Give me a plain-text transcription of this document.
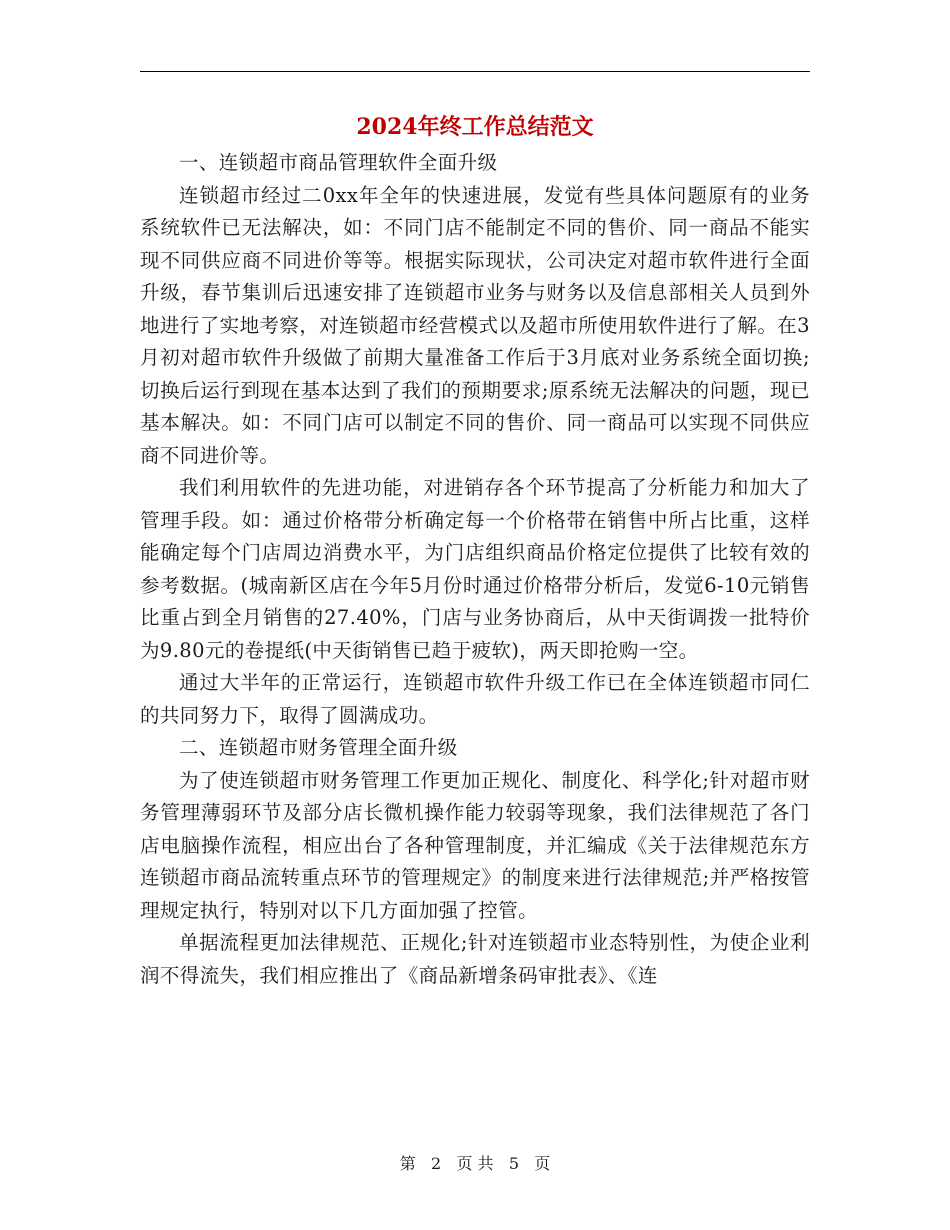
2024年终工作总结范文

一、连锁超市商品管理软件全面升级

连锁超市经过二0xx年全年的快速进展，发觉有些具体问题原有的业务系统软件已无法解决，如：不同门店不能制定不同的售价、同一商品不能实现不同供应商不同进价等等。根据实际现状，公司决定对超市软件进行全面升级，春节集训后迅速安排了连锁超市业务与财务以及信息部相关人员到外地进行了实地考察，对连锁超市经营模式以及超市所使用软件进行了解。在3月初对超市软件升级做了前期大量准备工作后于3月底对业务系统全面切换;切换后运行到现在基本达到了我们的预期要求;原系统无法解决的问题，现已基本解决。如：不同门店可以制定不同的售价、同一商品可以实现不同供应商不同进价等。

我们利用软件的先进功能，对进销存各个环节提高了分析能力和加大了管理手段。如：通过价格带分析确定每一个价格带在销售中所占比重，这样能确定每个门店周边消费水平，为门店组织商品价格定位提供了比较有效的参考数据。(城南新区店在今年5月份时通过价格带分析后，发觉6-10元销售比重占到全月销售的27.40%，门店与业务协商后，从中天街调拨一批特价为9.80元的卷提纸(中天街销售已趋于疲软)，两天即抢购一空。

通过大半年的正常运行，连锁超市软件升级工作已在全体连锁超市同仁的共同努力下，取得了圆满成功。

二、连锁超市财务管理全面升级

为了使连锁超市财务管理工作更加正规化、制度化、科学化;针对超市财务管理薄弱环节及部分店长微机操作能力较弱等现象，我们法律规范了各门店电脑操作流程，相应出台了各种管理制度，并汇编成《关于法律规范东方连锁超市商品流转重点环节的管理规定》的制度来进行法律规范;并严格按管理规定执行，特别对以下几方面加强了控管。

单据流程更加法律规范、正规化;针对连锁超市业态特别性，为使企业利润不得流失，我们相应推出了《商品新增条码审批表》、《连

第 2 页 共 5 页
